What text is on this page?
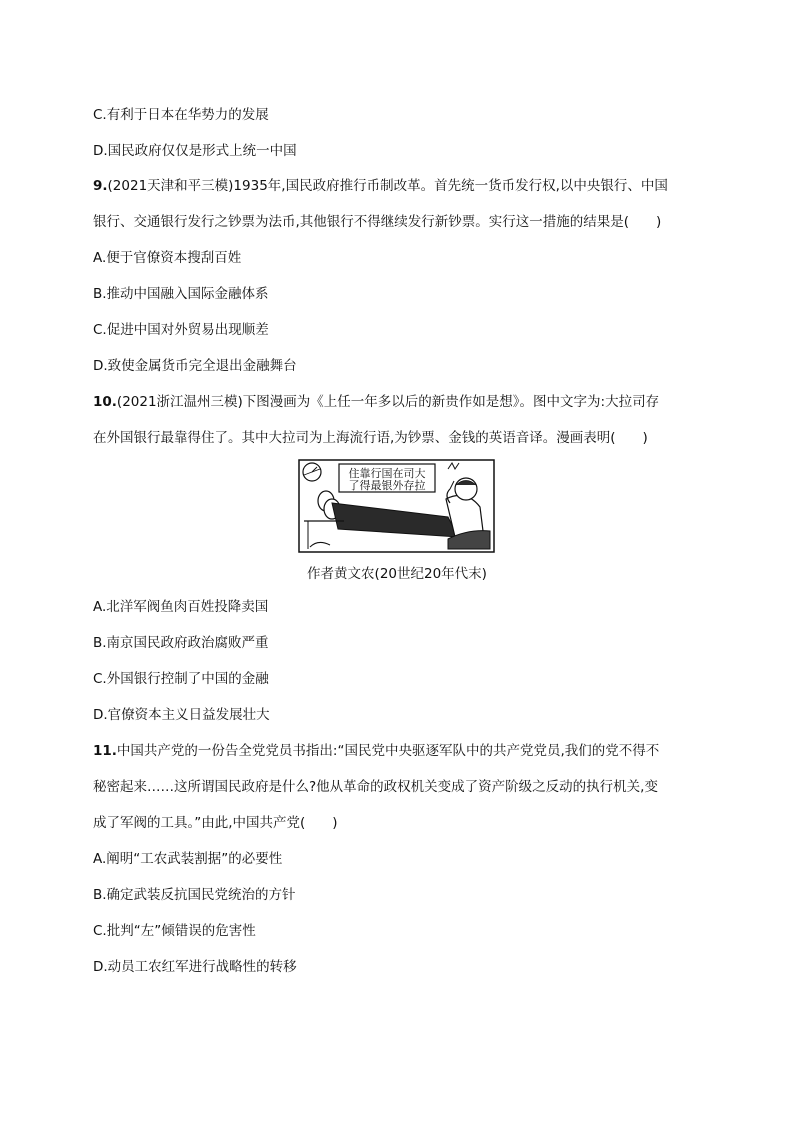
C.有利于日本在华势力的发展
D.国民政府仅仅是形式上统一中国
9.(2021天津和平三模)1935年,国民政府推行币制改革。首先统一货币发行权,以中央银行、中国
银行、交通银行发行之钞票为法币,其他银行不得继续发行新钞票。实行这一措施的结果是(　　)
A.便于官僚资本搜刮百姓
B.推动中国融入国际金融体系
C.促进中国对外贸易出现顺差
D.致使金属货币完全退出金融舞台
10.(2021浙江温州三模)下图漫画为《上任一年多以后的新贵作如是想》。图中文字为:大拉司存
在外国银行最靠得住了。其中大拉司为上海流行语,为钞票、金钱的英语音译。漫画表明(　　)
住靠行国在司大
了得最银外存拉
作者黄文农(20世纪20年代末)
A.北洋军阀鱼肉百姓投降卖国
B.南京国民政府政治腐败严重
C.外国银行控制了中国的金融
D.官僚资本主义日益发展壮大
11.中国共产党的一份告全党党员书指出:“国民党中央驱逐军队中的共产党党员,我们的党不得不
秘密起来……这所谓国民政府是什么?他从革命的政权机关变成了资产阶级之反动的执行机关,变
成了军阀的工具。”由此,中国共产党(　　)
A.阐明“工农武装割据”的必要性
B.确定武装反抗国民党统治的方针
C.批判“左”倾错误的危害性
D.动员工农红军进行战略性的转移
